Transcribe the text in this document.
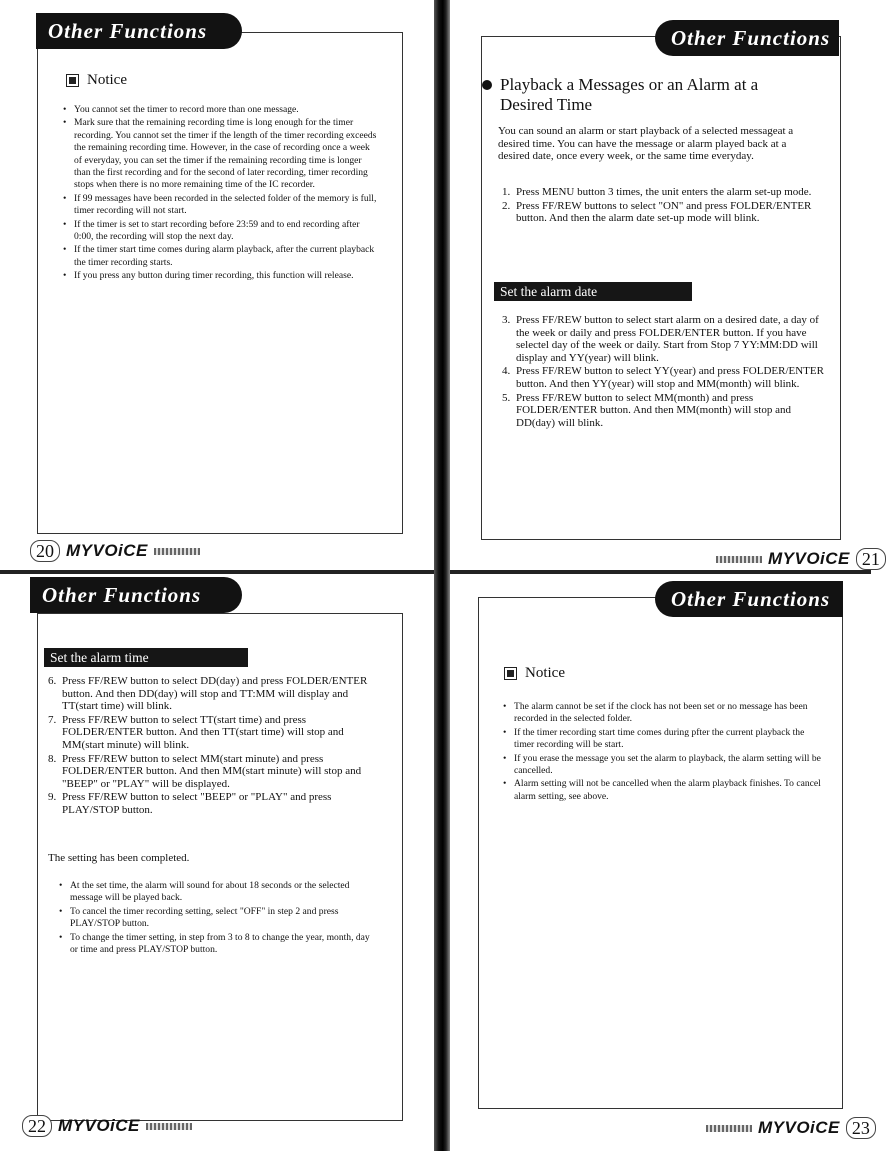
Other Functions
Notice
• You cannot set the timer to record more than one message.
• Mark sure that the remaining recording time is long enough for the timer recording. You cannot set the timer if the length of the timer recording exceeds the remaining recording time. However, in the case of recording once a week of everyday, you can set the timer if the remaining recording time is longer than the first recording and for the second of later recording, timer recording stops when there is no more remaining time of the IC recorder.
• If 99 messages have been recorded in the selected folder of the memory is full, timer recording will not start.
• If the timer is set to start recording before 23:59 and to end recording after 0:00, the recording will stop the next day.
• If the timer start time comes during alarm playback, after the current playback the timer recording starts.
• If you press any button during timer recording, this function will release.
20 MYVOiCE
Other Functions
Playback a Messages or an Alarm at a Desired Time
You can sound an alarm or start playback of a selected messageat a desired time. You can have the message or alarm played back at a desired date, once every week, or the same time everyday.
1. Press MENU button 3 times, the unit enters the alarm set-up mode.
2. Press FF/REW buttons to select "ON" and press FOLDER/ENTER button. And then the alarm date set-up mode will blink.
Set the alarm date
3. Press FF/REW button to select start alarm on a desired date, a day of the week or daily and press FOLDER/ENTER button. If you have selectel day of the week or daily. Start from Stop 7 YY:MM:DD will display and YY(year) will blink.
4. Press FF/REW button to select YY(year) and press FOLDER/ENTER button. And then YY(year) will stop and MM(month) will blink.
5. Press FF/REW button to select MM(month) and press FOLDER/ENTER button. And then MM(month) will stop and DD(day) will blink.
MYVOiCE 21
Other Functions
Set the alarm time
6. Press FF/REW button to select DD(day) and press FOLDER/ENTER button. And then DD(day) will stop and TT:MM will display and TT(start time) will blink.
7. Press FF/REW button to select TT(start time) and press FOLDER/ENTER button. And then TT(start time) will stop and MM(start minute) will blink.
8. Press FF/REW button to select MM(start minute) and press FOLDER/ENTER button. And then MM(start minute) will stop and "BEEP" or "PLAY" will be displayed.
9. Press FF/REW button to select "BEEP" or "PLAY" and press PLAY/STOP button.
The setting has been completed.
• At the set time, the alarm will sound for about 18 seconds or the selected message will be played back.
• To cancel the timer recording setting, select "OFF" in step 2 and press PLAY/STOP button.
• To change the timer setting, in step from 3 to 8 to change the year, month, day or time and press PLAY/STOP button.
22 MYVOiCE
Other Functions
Notice
• The alarm cannot be set if the clock has not been set or no message has been recorded in the selected folder.
• If the timer recording start time comes during pfter the current playback the timer recording will be start.
• If you erase the message you set the alarm to playback, the alarm setting will be cancelled.
• Alarm setting will not be cancelled when the alarm playback finishes. To cancel alarm setting, see above.
MYVOiCE 23
